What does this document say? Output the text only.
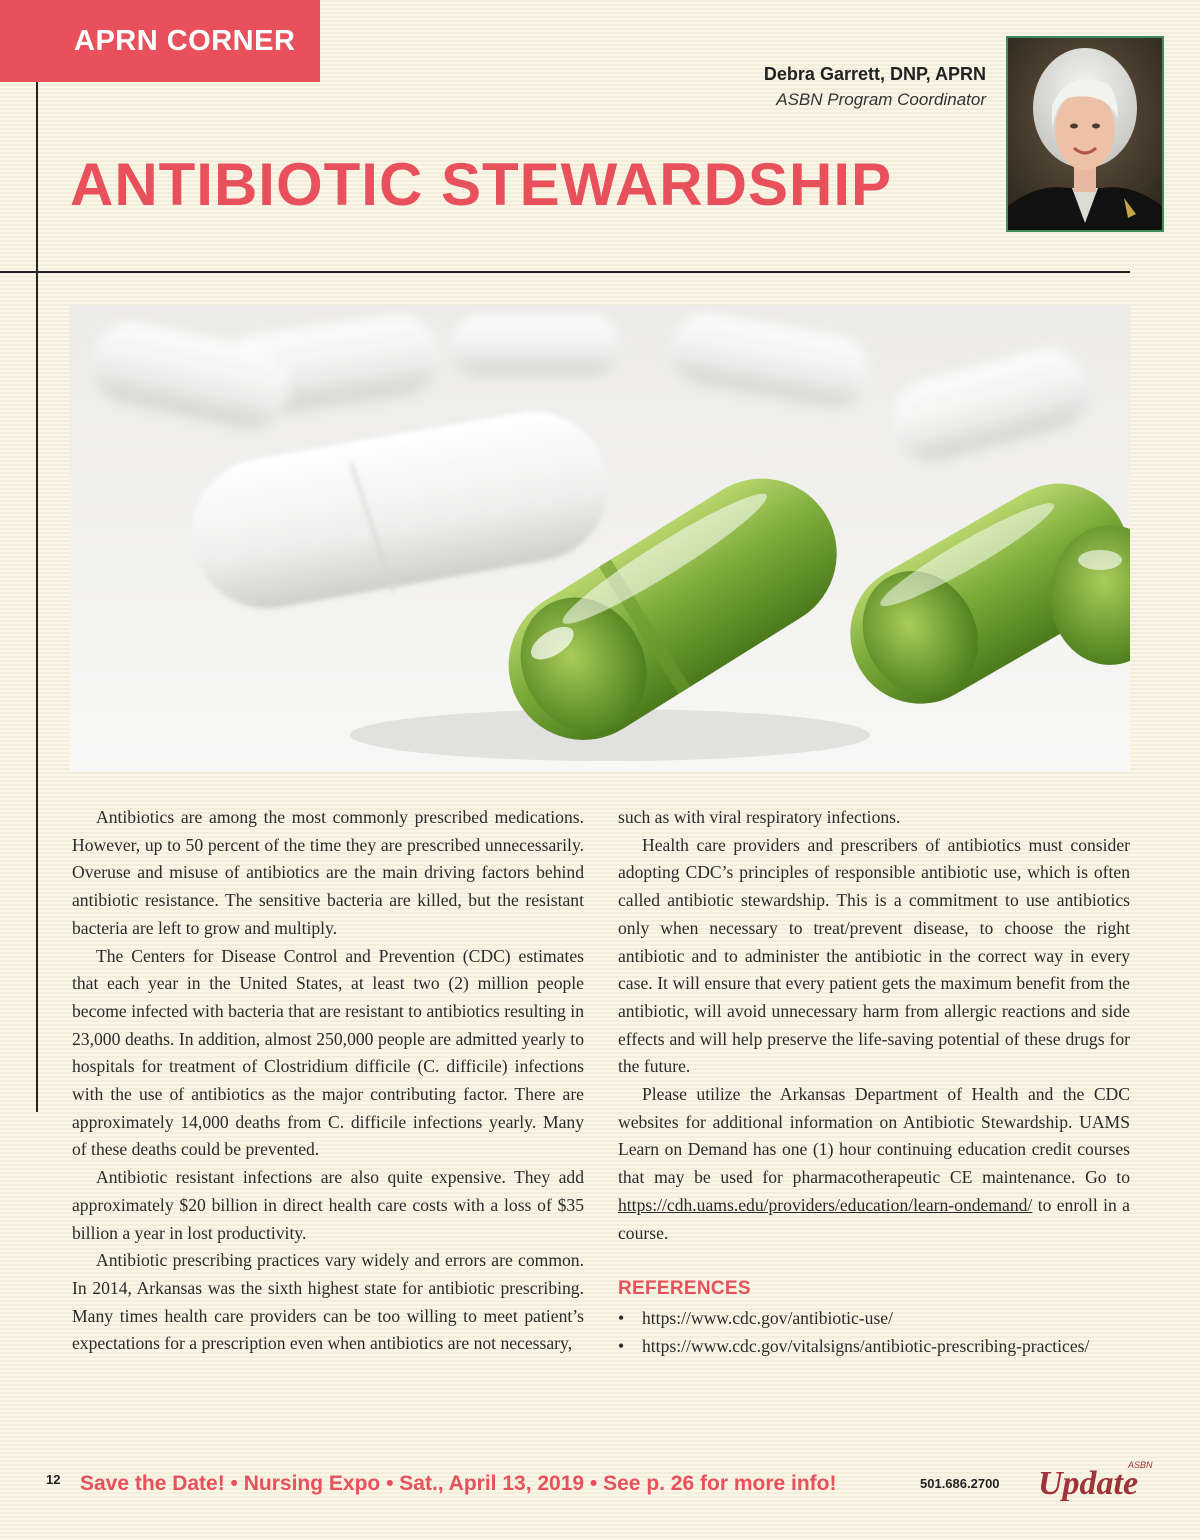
APRN CORNER
Debra Garrett, DNP, APRN
ASBN Program Coordinator
ANTIBIOTIC STEWARDSHIP

Antibiotics are among the most commonly prescribed medications. However, up to 50 percent of the time they are prescribed unnecessarily. Overuse and misuse of antibiotics are the main driving factors behind antibiotic resistance. The sensitive bacteria are killed, but the resistant bacteria are left to grow and multiply.

The Centers for Disease Control and Prevention (CDC) estimates that each year in the United States, at least two (2) million people become infected with bacteria that are resistant to antibiotics resulting in 23,000 deaths. In addition, almost 250,000 people are admitted yearly to hospitals for treatment of Clostridium difficile (C. difficile) infections with the use of antibiotics as the major contributing factor. There are approximately 14,000 deaths from C. difficile infections yearly. Many of these deaths could be prevented.

Antibiotic resistant infections are also quite expensive. They add approximately $20 billion in direct health care costs with a loss of $35 billion a year in lost productivity.

Antibiotic prescribing practices vary widely and errors are common. In 2014, Arkansas was the sixth highest state for antibiotic prescribing. Many times health care providers can be too willing to meet patient’s expectations for a prescription even when antibiotics are not necessary,

such as with viral respiratory infections.

Health care providers and prescribers of antibiotics must consider adopting CDC’s principles of responsible antibiotic use, which is often called antibiotic stewardship. This is a commitment to use antibiotics only when necessary to treat/prevent disease, to choose the right antibiotic and to administer the antibiotic in the correct way in every case. It will ensure that every patient gets the maximum benefit from the antibiotic, will avoid unnecessary harm from allergic reactions and side effects and will help preserve the life-saving potential of these drugs for the future.

Please utilize the Arkansas Department of Health and the CDC websites for additional information on Antibiotic Stewardship. UAMS Learn on Demand has one (1) hour continuing education credit courses that may be used for pharmacotherapeutic CE maintenance. Go to https://cdh.uams.edu/providers/education/learn-ondemand/ to enroll in a course.

REFERENCES
• https://www.cdc.gov/antibiotic-use/
• https://www.cdc.gov/vitalsigns/antibiotic-prescribing-practices/
12 Save the Date! • Nursing Expo • Sat., April 13, 2019 • See p. 26 for more info!	501.686.2700
ASBN
Update
